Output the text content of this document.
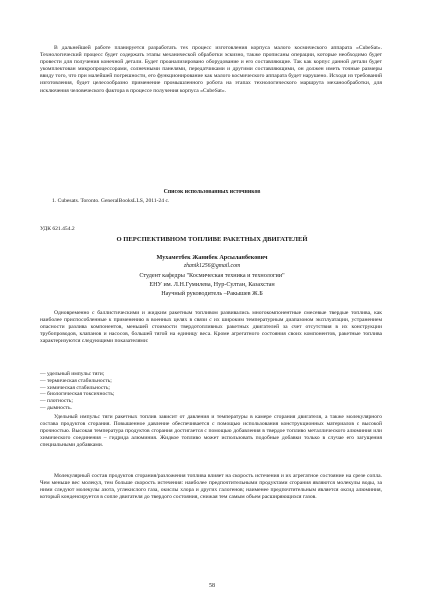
В дальнейшей работе планируется разработать тех процесс изготовления корпуса малого космического аппарата «CubeSat». Технологический процесс будет содержать этапы механической обработки эскизно, также прописаны операции, которые необходимо будет провести для получения конечной детали. Будет проанализировано оборудование и его составляющие. Так как корпус данной детали будет укомплектован микропроцессорами, солнечными панелями, передатчиками и другими составляющими, он должен иметь точные размеры ввиду того, что при малейшей погрешности, его функционирование как малого космического аппарата будет нарушено. Исходя из требований изготовления, будет целесообразно применение промышленного робота на этапах технологического маршрута механообработки, для исключения человеческого фактора в процессе получения корпуса «CubeSat».

Список использованных источников

1. Cubesats. Toronto. GeneralBooksLLS, 2011-24 с.

УДК 621.454.2

О ПЕРСПЕКТИВНОМ ТОПЛИВЕ РАКЕТНЫХ ДВИГАТЕЛЕЙ

Мухаметбек Жанибек Арсыланбекович

zhanik1256@gmail.com

Студент кафедры "Космическая техника и технологии"

ЕНУ им. Л.Н.Гумилева, Нур-Султан, Казахстан

Научный руководитель –Ракышев Ж.Б

Одновременно с баллистическими и жидким ракетным топливом развивались многокомпонентные смесевые твердые топлива, как наиболее приспособленные к применению в военных целях в связи с их широким температурным диапазоном эксплуатации, устранением опасности разлива компонентов, меньшей стоимости твердотопливных ракетных двигателей за счет отсутствия в их конструкции трубопроводов, клапанов и насосов, большей тягой на единицу веса. Кроме агрегатного состояния своих компонентов, ракетные топлива характеризуются следующими показателями:

— удельный импульс тяги;
— термическая стабильность;
— химическая стабильность;
— биологическая токсичность;
— плотность;
— дымность.

Удельный импульс тяги ракетных топлив зависит от давления и температуры в камере сгорания двигателя, а также молекулярного состава продуктов сгорания. Повышенное давление обеспечивается с помощью использования конструкционных материалов с высокой прочностью. Высокая температура продуктов сгорания достигается с помощью добавления в твердое топливо металлического алюминия или химического соединения – гидрида алюминия. Жидкое топливо может использовать подобные добавки только в случае его загущения специальными добавками.

Молекулярный состав продуктов сгорания/разложения топлива влияет на скорость истечения и их агрегатное состояние на срезе сопла. Чем меньше вес молекул, тем больше скорость истечения: наиболее предпочтительными продуктами сгорания являются молекулы воды, за ними следуют молекулы азота, углекислого газа, окислы хлора и других галогенов; наименее предпочтительным является оксид алюминия, который конденсируется в сопле двигателя до твердого состояния, снижая тем самым объем расширяющихся газов.

58
